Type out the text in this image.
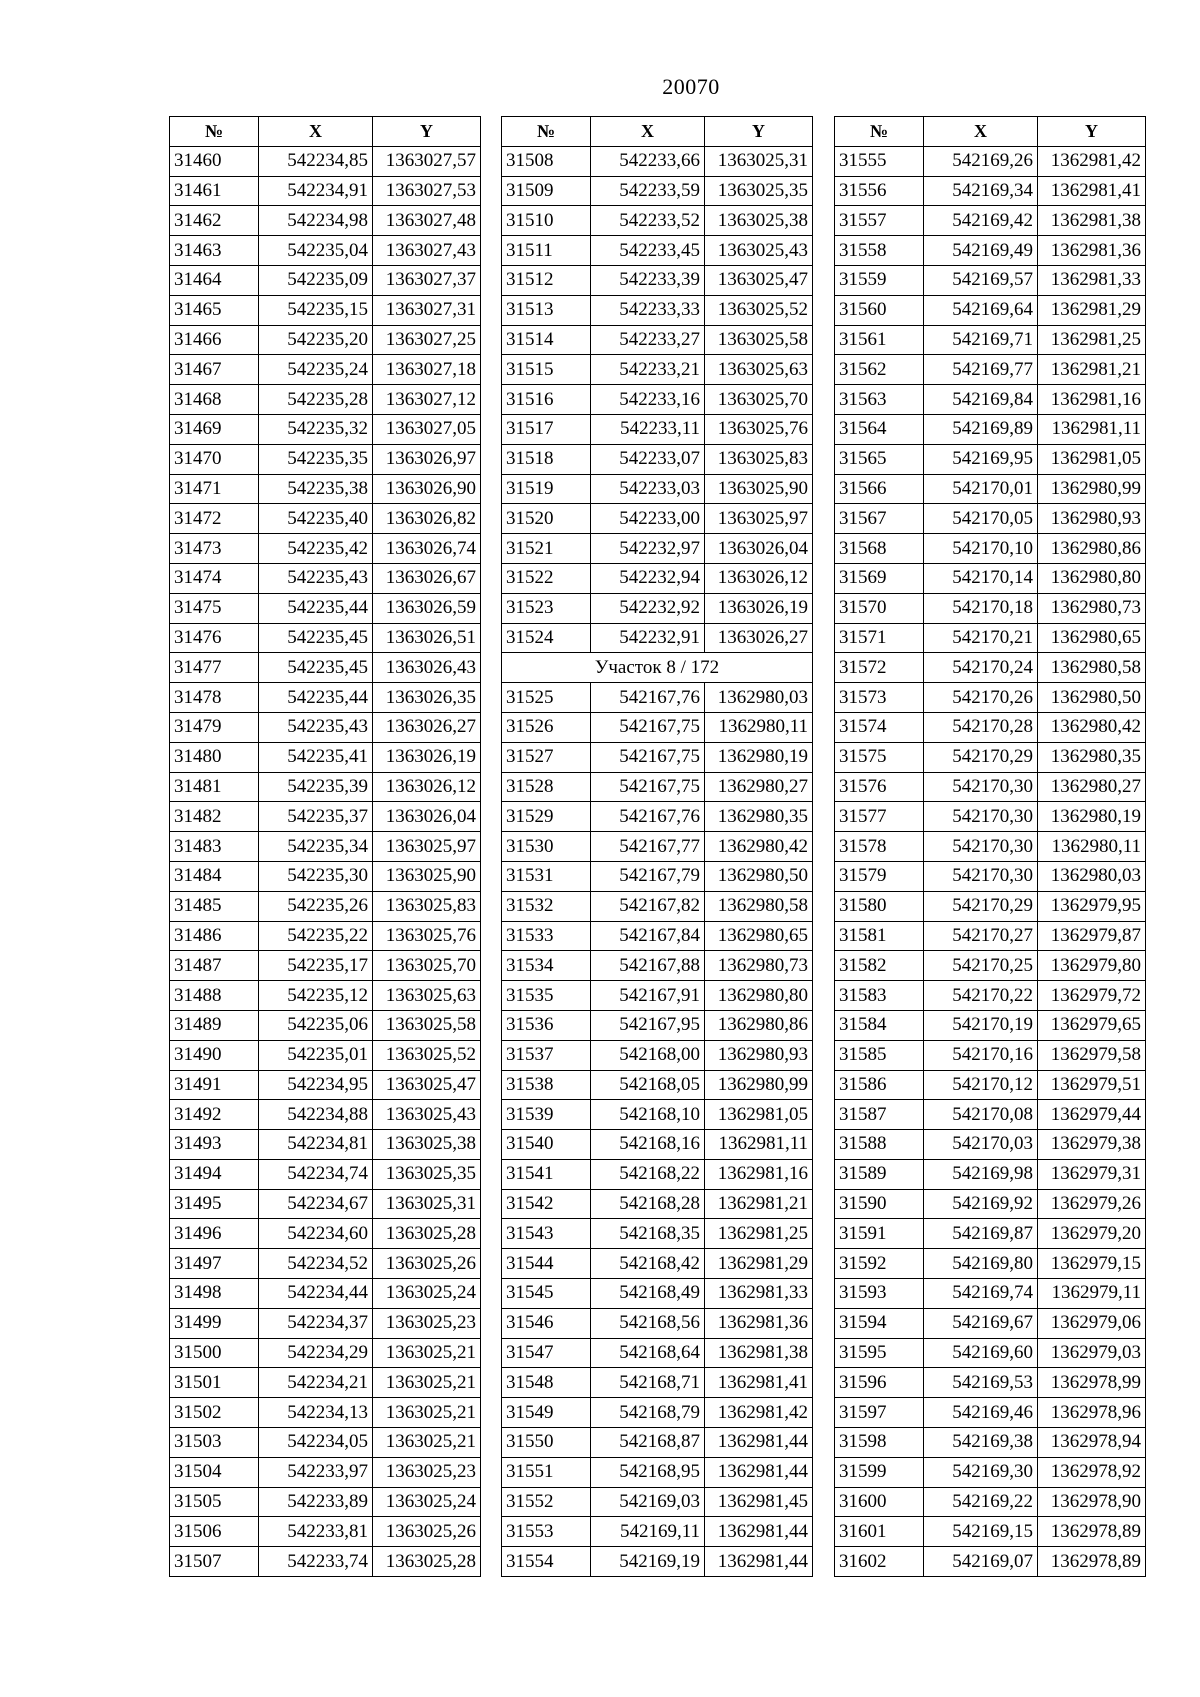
20070
№	X	Y
31460	542234,85	1363027,57
31461	542234,91	1363027,53
31462	542234,98	1363027,48
31463	542235,04	1363027,43
31464	542235,09	1363027,37
31465	542235,15	1363027,31
31466	542235,20	1363027,25
31467	542235,24	1363027,18
31468	542235,28	1363027,12
31469	542235,32	1363027,05
31470	542235,35	1363026,97
31471	542235,38	1363026,90
31472	542235,40	1363026,82
31473	542235,42	1363026,74
31474	542235,43	1363026,67
31475	542235,44	1363026,59
31476	542235,45	1363026,51
31477	542235,45	1363026,43
31478	542235,44	1363026,35
31479	542235,43	1363026,27
31480	542235,41	1363026,19
31481	542235,39	1363026,12
31482	542235,37	1363026,04
31483	542235,34	1363025,97
31484	542235,30	1363025,90
31485	542235,26	1363025,83
31486	542235,22	1363025,76
31487	542235,17	1363025,70
31488	542235,12	1363025,63
31489	542235,06	1363025,58
31490	542235,01	1363025,52
31491	542234,95	1363025,47
31492	542234,88	1363025,43
31493	542234,81	1363025,38
31494	542234,74	1363025,35
31495	542234,67	1363025,31
31496	542234,60	1363025,28
31497	542234,52	1363025,26
31498	542234,44	1363025,24
31499	542234,37	1363025,23
31500	542234,29	1363025,21
31501	542234,21	1363025,21
31502	542234,13	1363025,21
31503	542234,05	1363025,21
31504	542233,97	1363025,23
31505	542233,89	1363025,24
31506	542233,81	1363025,26
31507	542233,74	1363025,28
№	X	Y
31508	542233,66	1363025,31
31509	542233,59	1363025,35
31510	542233,52	1363025,38
31511	542233,45	1363025,43
31512	542233,39	1363025,47
31513	542233,33	1363025,52
31514	542233,27	1363025,58
31515	542233,21	1363025,63
31516	542233,16	1363025,70
31517	542233,11	1363025,76
31518	542233,07	1363025,83
31519	542233,03	1363025,90
31520	542233,00	1363025,97
31521	542232,97	1363026,04
31522	542232,94	1363026,12
31523	542232,92	1363026,19
31524	542232,91	1363026,27
Участок 8 / 172		
31525	542167,76	1362980,03
31526	542167,75	1362980,11
31527	542167,75	1362980,19
31528	542167,75	1362980,27
31529	542167,76	1362980,35
31530	542167,77	1362980,42
31531	542167,79	1362980,50
31532	542167,82	1362980,58
31533	542167,84	1362980,65
31534	542167,88	1362980,73
31535	542167,91	1362980,80
31536	542167,95	1362980,86
31537	542168,00	1362980,93
31538	542168,05	1362980,99
31539	542168,10	1362981,05
31540	542168,16	1362981,11
31541	542168,22	1362981,16
31542	542168,28	1362981,21
31543	542168,35	1362981,25
31544	542168,42	1362981,29
31545	542168,49	1362981,33
31546	542168,56	1362981,36
31547	542168,64	1362981,38
31548	542168,71	1362981,41
31549	542168,79	1362981,42
31550	542168,87	1362981,44
31551	542168,95	1362981,44
31552	542169,03	1362981,45
31553	542169,11	1362981,44
31554	542169,19	1362981,44
№	X	Y
31555	542169,26	1362981,42
31556	542169,34	1362981,41
31557	542169,42	1362981,38
31558	542169,49	1362981,36
31559	542169,57	1362981,33
31560	542169,64	1362981,29
31561	542169,71	1362981,25
31562	542169,77	1362981,21
31563	542169,84	1362981,16
31564	542169,89	1362981,11
31565	542169,95	1362981,05
31566	542170,01	1362980,99
31567	542170,05	1362980,93
31568	542170,10	1362980,86
31569	542170,14	1362980,80
31570	542170,18	1362980,73
31571	542170,21	1362980,65
31572	542170,24	1362980,58
31573	542170,26	1362980,50
31574	542170,28	1362980,42
31575	542170,29	1362980,35
31576	542170,30	1362980,27
31577	542170,30	1362980,19
31578	542170,30	1362980,11
31579	542170,30	1362980,03
31580	542170,29	1362979,95
31581	542170,27	1362979,87
31582	542170,25	1362979,80
31583	542170,22	1362979,72
31584	542170,19	1362979,65
31585	542170,16	1362979,58
31586	542170,12	1362979,51
31587	542170,08	1362979,44
31588	542170,03	1362979,38
31589	542169,98	1362979,31
31590	542169,92	1362979,26
31591	542169,87	1362979,20
31592	542169,80	1362979,15
31593	542169,74	1362979,11
31594	542169,67	1362979,06
31595	542169,60	1362979,03
31596	542169,53	1362978,99
31597	542169,46	1362978,96
31598	542169,38	1362978,94
31599	542169,30	1362978,92
31600	542169,22	1362978,90
31601	542169,15	1362978,89
31602	542169,07	1362978,89
